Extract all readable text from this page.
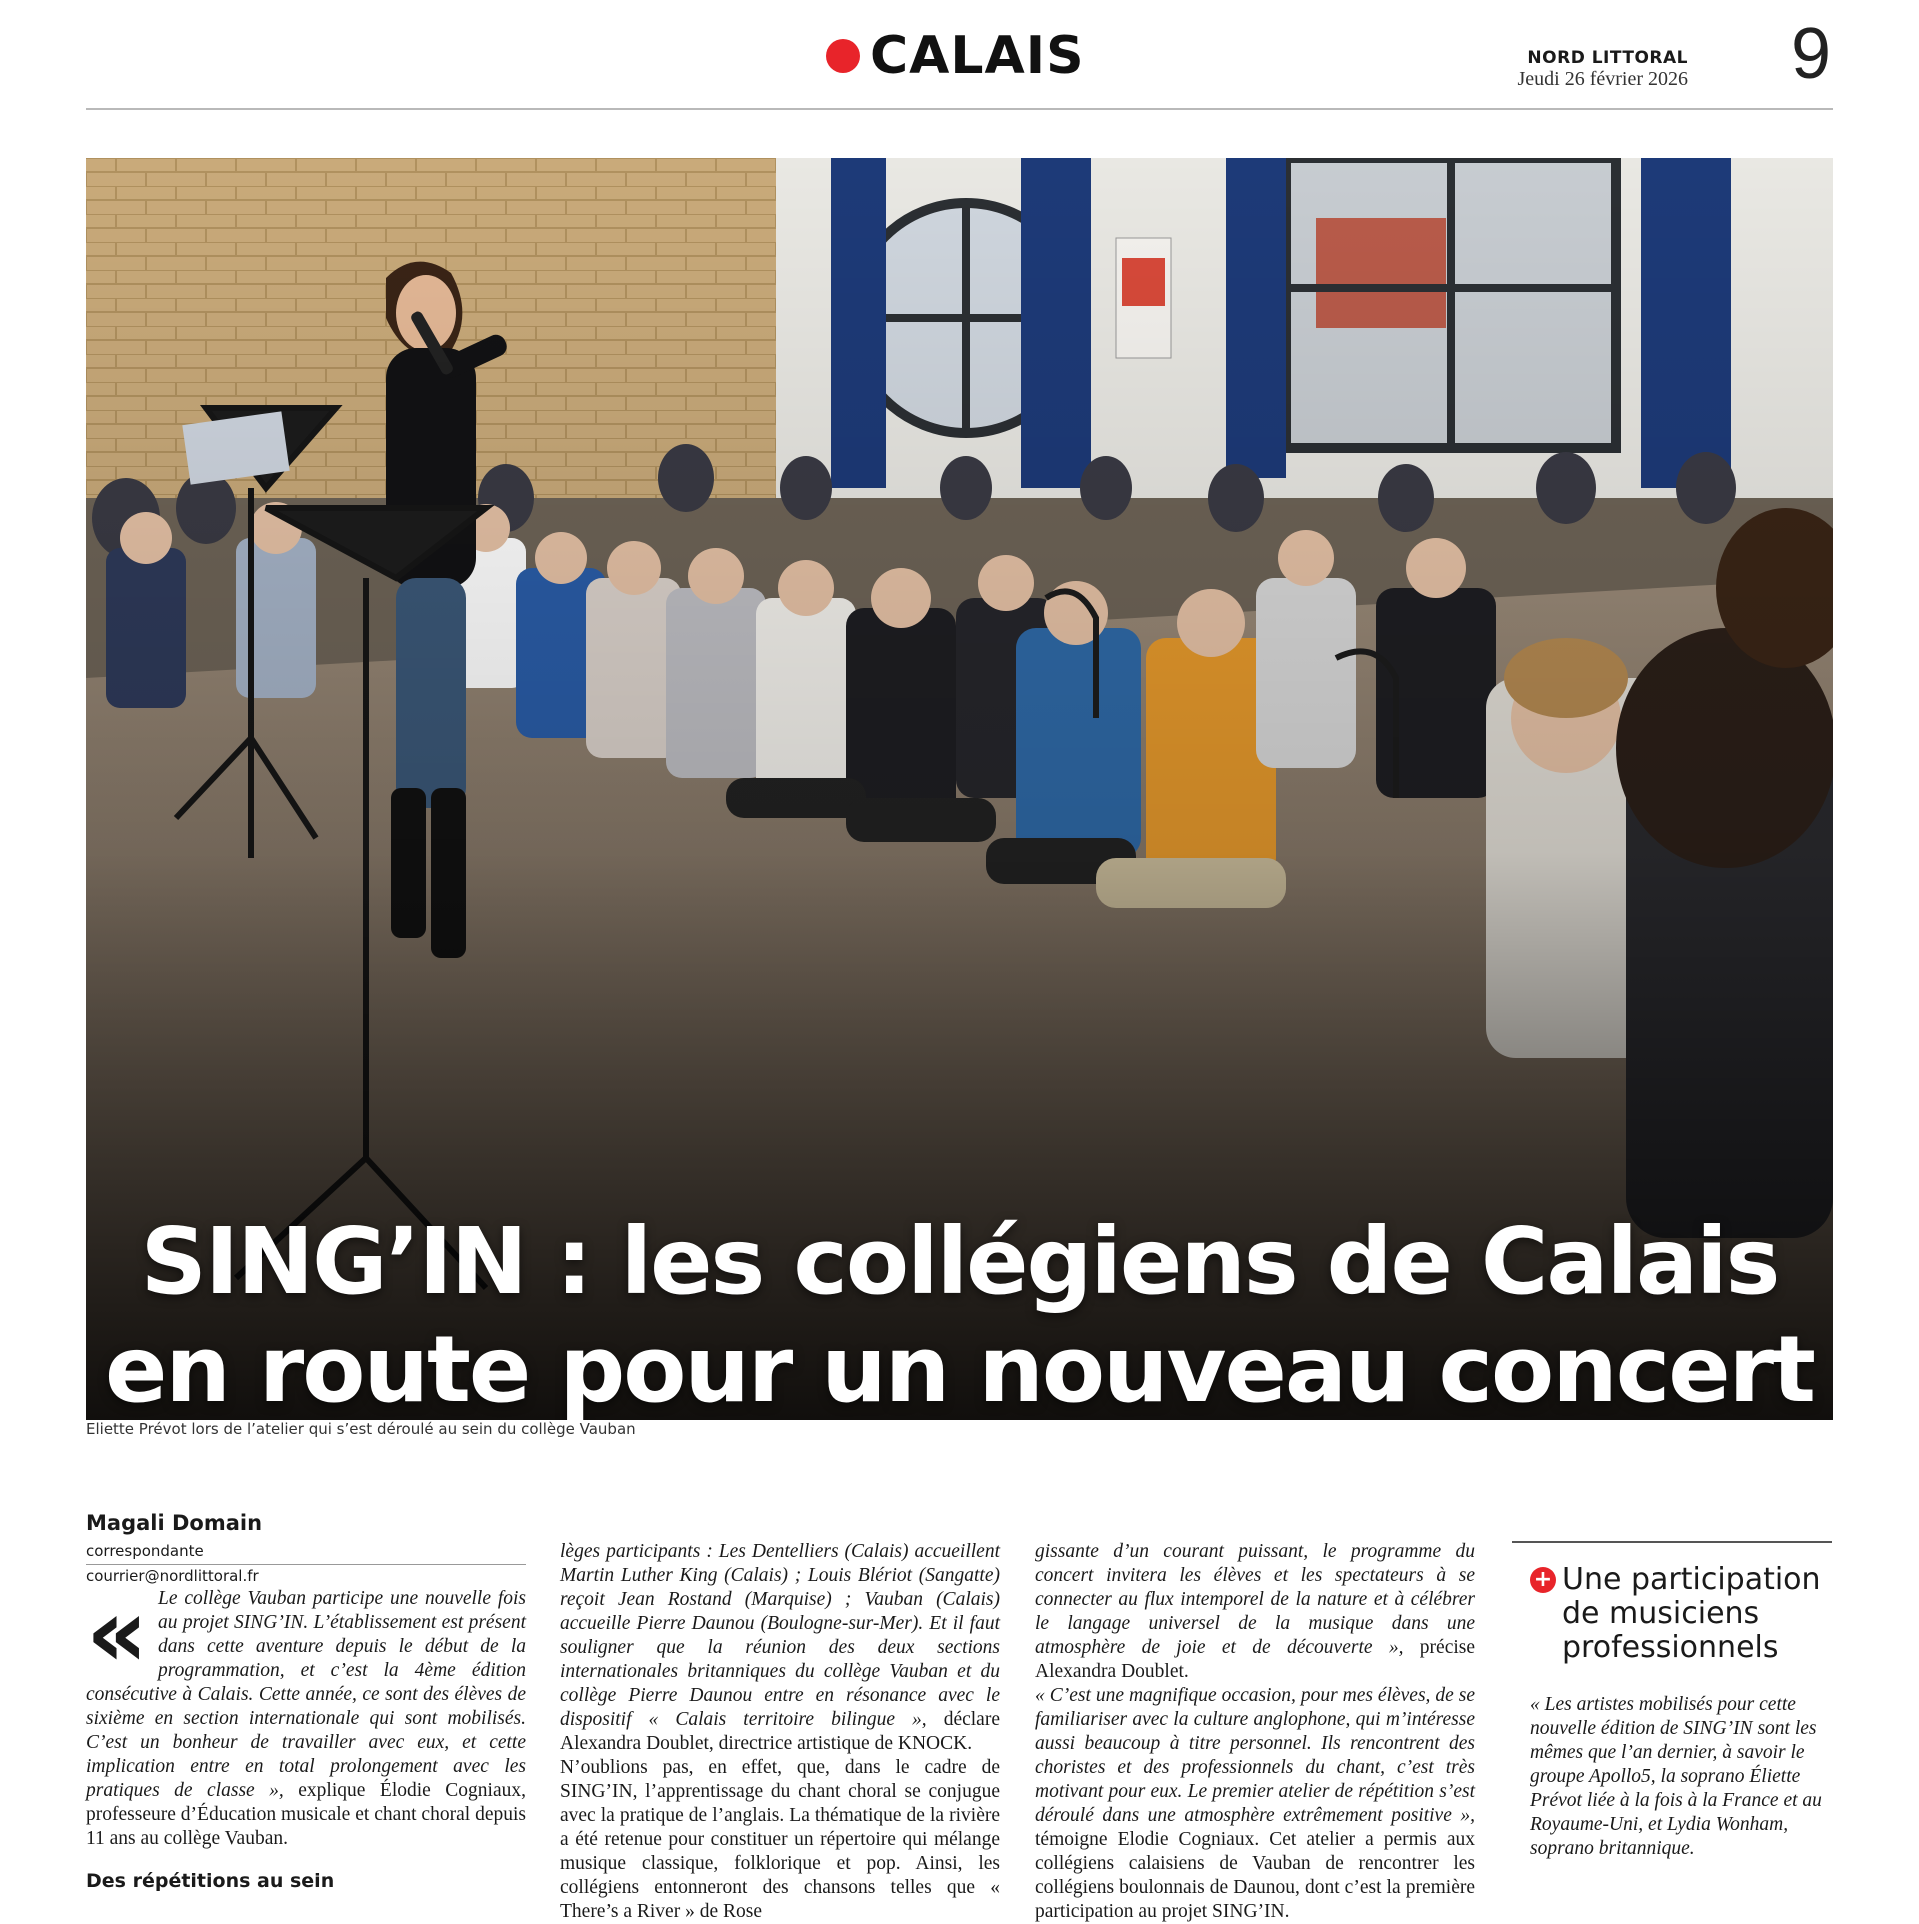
CALAIS	NORD LITTORAL
Jeudi 26 février 2026 9
SING’IN : les collégiens de Calais en route pour un nouveau concert

Eliette Prévot lors de l’atelier qui s’est déroulé au sein du collège Vauban
Magali Domain
correspondante
courrier@nordlittoral.fr

« Le collège Vauban participe une nouvelle fois au projet SING’IN. L’établissement est présent dans cette aventure depuis le début de la programmation, et c’est la 4ème édition consécutive à Calais. Cette année, ce sont des élèves de sixième en section internationale qui sont mobilisés. C’est un bonheur de travailler avec eux, et cette implication entre en total prolongement avec les pratiques de classe », explique Élodie Cogniaux, professeure d’Éducation musicale et chant choral depuis 11 ans au collège Vauban.

Des répétitions au sein

lèges participants : Les Dentelliers (Calais) accueillent Martin Luther King (Calais) ; Louis Blériot (Sangatte) reçoit Jean Rostand (Marquise) ; Vauban (Calais) accueille Pierre Daunou (Boulogne-sur-Mer). Et il faut souligner que la réunion des deux sections internationales britanniques du collège Vauban et du collège Pierre Daunou entre en résonance avec le dispositif « Calais territoire bilingue », déclare Alexandra Doublet, directrice artistique de KNOCK.

N’oublions pas, en effet, que, dans le cadre de SING’IN, l’apprentissage du chant choral se conjugue avec la pratique de l’anglais. La thématique de la rivière a été retenue pour constituer un répertoire qui mélange musique classique, folklorique et pop. Ainsi, les collégiens entonneront des chansons telles que « There’s a River » de Rose

gissante d’un courant puissant, le programme du concert invitera les élèves et les spectateurs à se connecter au flux intemporel de la nature et à célébrer le langage universel de la musique dans une atmosphère de joie et de découverte », précise Alexandra Doublet.

« C’est une magnifique occasion, pour mes élèves, de se familiariser avec la culture anglophone, qui m’intéresse aussi beaucoup à titre personnel. Ils rencontrent des choristes et des professionnels du chant, c’est très motivant pour eux. Le premier atelier de répétition s’est déroulé dans une atmosphère extrêmement positive », témoigne Elodie Cogniaux. Cet atelier a permis aux collégiens calaisiens de Vauban de rencontrer les collégiens boulonnais de Daunou, dont c’est la première participation au projet SING’IN.

+ Une participation de musiciens professionnels

« Les artistes mobilisés pour cette nouvelle édition de SING’IN sont les mêmes que l’an dernier, à savoir le groupe Apollo5, la soprano Éliette Prévot liée à la fois à la France et au Royaume-Uni, et Lydia Wonham, soprano britannique.
